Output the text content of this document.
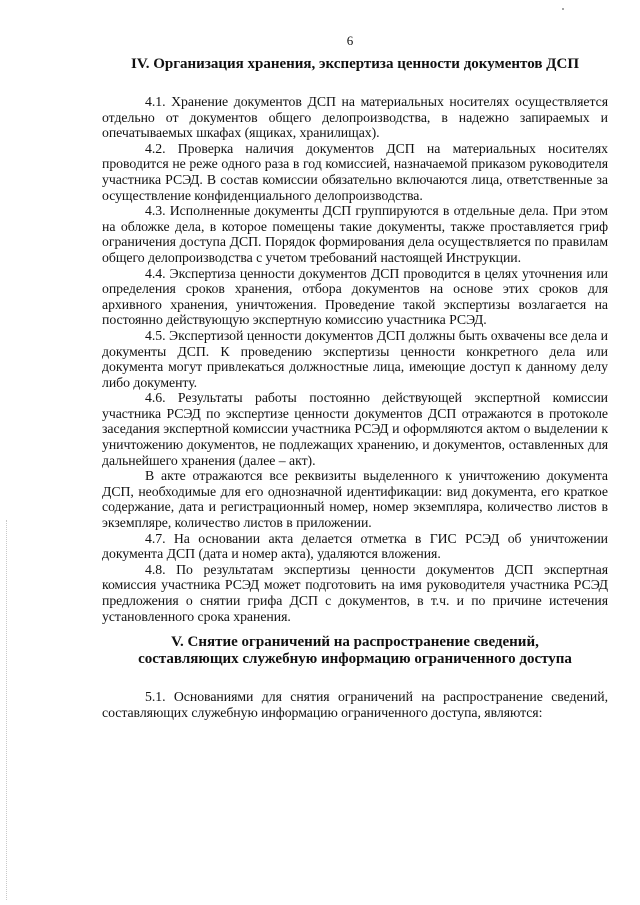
6
IV. Организация хранения, экспертиза ценности документов ДСП

4.1. Хранение документов ДСП на материальных носителях осуществляется отдельно от документов общего делопроизводства, в надежно запираемых и опечатываемых шкафах (ящиках, хранилищах).

4.2. Проверка наличия документов ДСП на материальных носителях проводится не реже одного раза в год комиссией, назначаемой приказом руководителя участника РСЭД. В состав комиссии обязательно включаются лица, ответственные за осуществление конфиденциального делопроизводства.

4.3. Исполненные документы ДСП группируются в отдельные дела. При этом на обложке дела, в которое помещены такие документы, также проставляется гриф ограничения доступа ДСП. Порядок формирования дела осуществляется по правилам общего делопроизводства с учетом требований настоящей Инструкции.

4.4. Экспертиза ценности документов ДСП проводится в целях уточнения или определения сроков хранения, отбора документов на основе этих сроков для архивного хранения, уничтожения. Проведение такой экспертизы возлагается на постоянно действующую экспертную комиссию участника РСЭД.

4.5. Экспертизой ценности документов ДСП должны быть охвачены все дела и документы ДСП. К проведению экспертизы ценности конкретного дела или документа могут привлекаться должностные лица, имеющие доступ к данному делу либо документу.

4.6. Результаты работы постоянно действующей экспертной комиссии участника РСЭД по экспертизе ценности документов ДСП отражаются в протоколе заседания экспертной комиссии участника РСЭД и оформляются актом о выделении к уничтожению документов, не подлежащих хранению, и документов, оставленных для дальнейшего хранения (далее – акт).

В акте отражаются все реквизиты выделенного к уничтожению документа ДСП, необходимые для его однозначной идентификации: вид документа, его краткое содержание, дата и регистрационный номер, номер экземпляра, количество листов в экземпляре, количество листов в приложении.

4.7. На основании акта делается отметка в ГИС РСЭД об уничтожении документа ДСП (дата и номер акта), удаляются вложения.

4.8. По результатам экспертизы ценности документов ДСП экспертная комиссия участника РСЭД может подготовить на имя руководителя участника РСЭД предложения о снятии грифа ДСП с документов, в т.ч. и по причине истечения установленного срока хранения.

V. Снятие ограничений на распространение сведений,
составляющих служебную информацию ограниченного доступа

5.1. Основаниями для снятия ограничений на распространение сведений, составляющих служебную информацию ограниченного доступа, являются:
